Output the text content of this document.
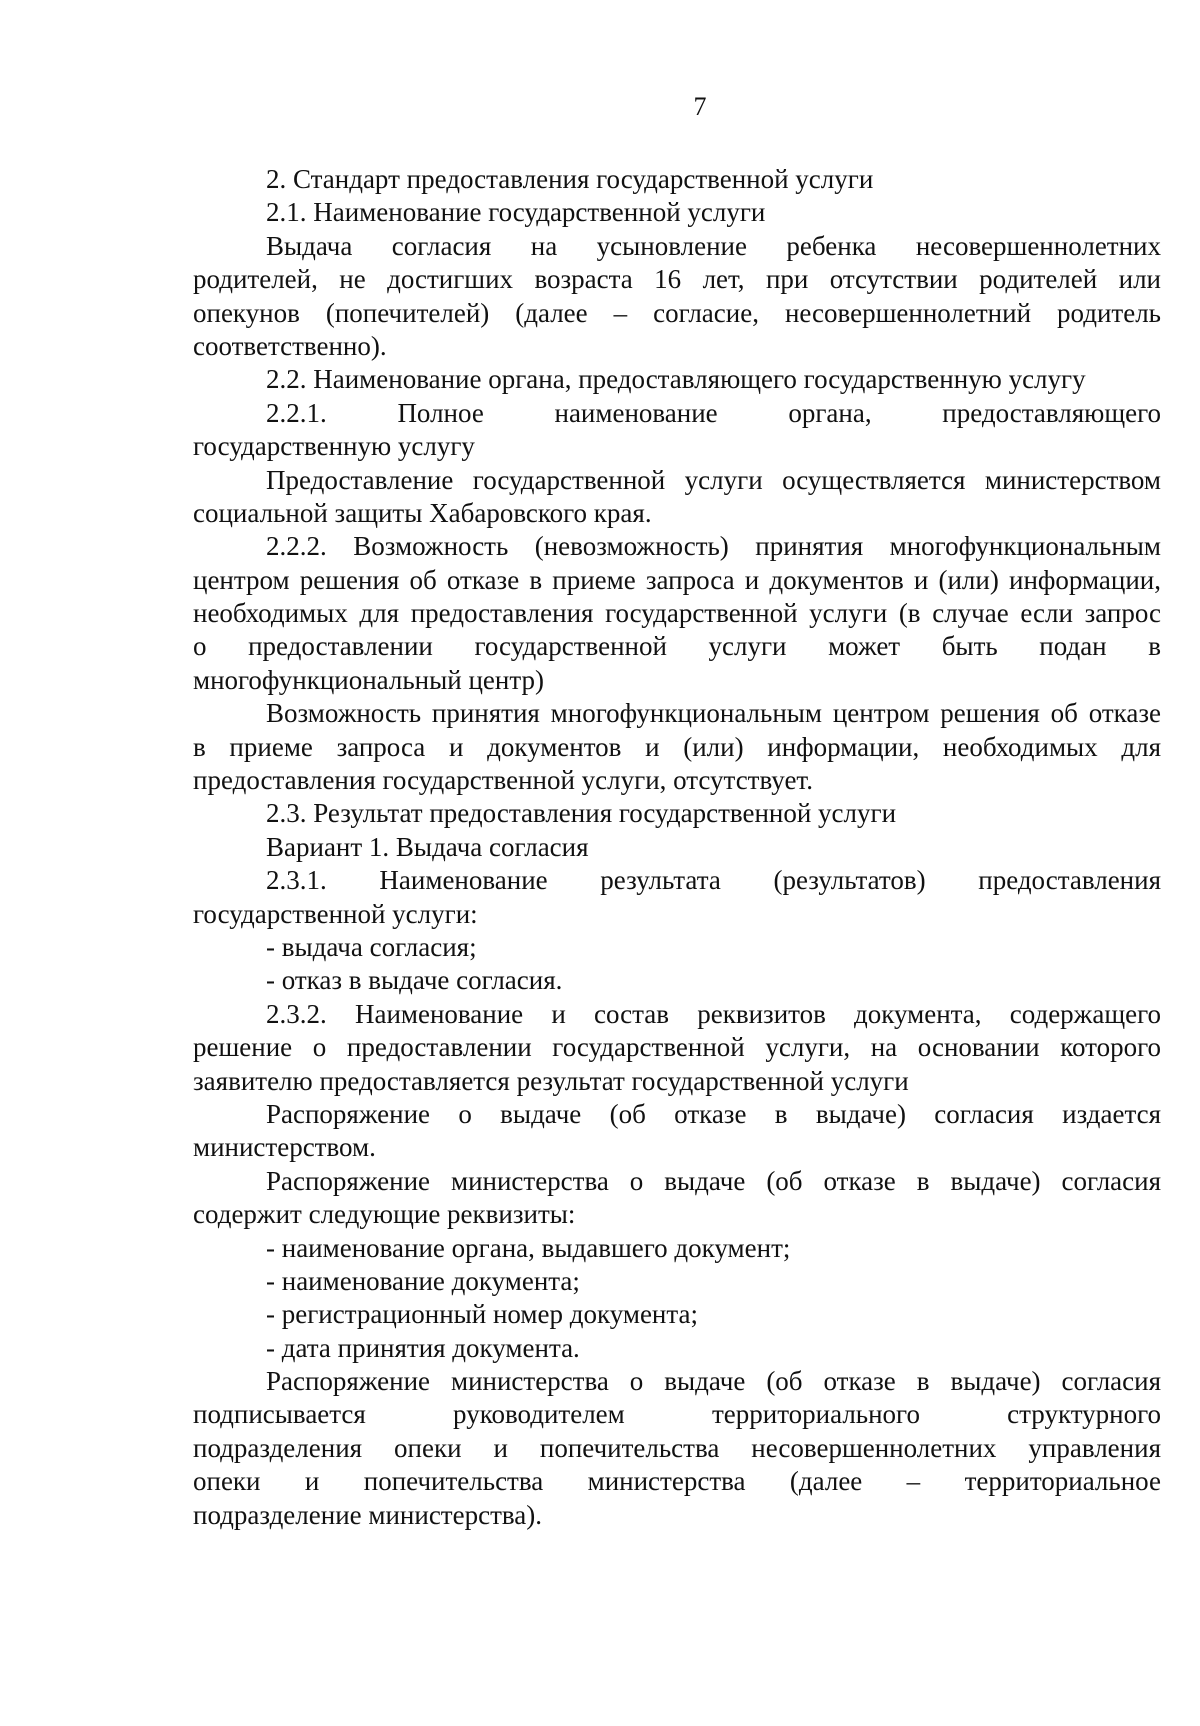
7
2. Стандарт предоставления государственной услуги
2.1. Наименование государственной услуги
Выдача согласия на усыновление ребенка несовершеннолетних
родителей, не достигших возраста 16 лет, при отсутствии родителей или
опекунов (попечителей) (далее – согласие, несовершеннолетний родитель
соответственно).
2.2. Наименование органа, предоставляющего государственную услугу
2.2.1. Полное наименование органа, предоставляющего
государственную услугу
Предоставление государственной услуги осуществляется министерством
социальной защиты Хабаровского края.
2.2.2. Возможность (невозможность) принятия многофункциональным
центром решения об отказе в приеме запроса и документов и (или) информации,
необходимых для предоставления государственной услуги (в случае если запрос
о предоставлении государственной услуги может быть подан в
многофункциональный центр)
Возможность принятия многофункциональным центром решения об отказе
в приеме запроса и документов и (или) информации, необходимых для
предоставления государственной услуги, отсутствует.
2.3. Результат предоставления государственной услуги
Вариант 1. Выдача согласия
2.3.1. Наименование результата (результатов) предоставления
государственной услуги:
- выдача согласия;
- отказ в выдаче согласия.
2.3.2. Наименование и состав реквизитов документа, содержащего
решение о предоставлении государственной услуги, на основании которого
заявителю предоставляется результат государственной услуги
Распоряжение о выдаче (об отказе в выдаче) согласия издается
министерством.
Распоряжение министерства о выдаче (об отказе в выдаче) согласия
содержит следующие реквизиты:
- наименование органа, выдавшего документ;
- наименование документа;
- регистрационный номер документа;
- дата принятия документа.
Распоряжение министерства о выдаче (об отказе в выдаче) согласия
подписывается руководителем территориального структурного
подразделения опеки и попечительства несовершеннолетних управления
опеки и попечительства министерства (далее – территориальное
подразделение министерства).
